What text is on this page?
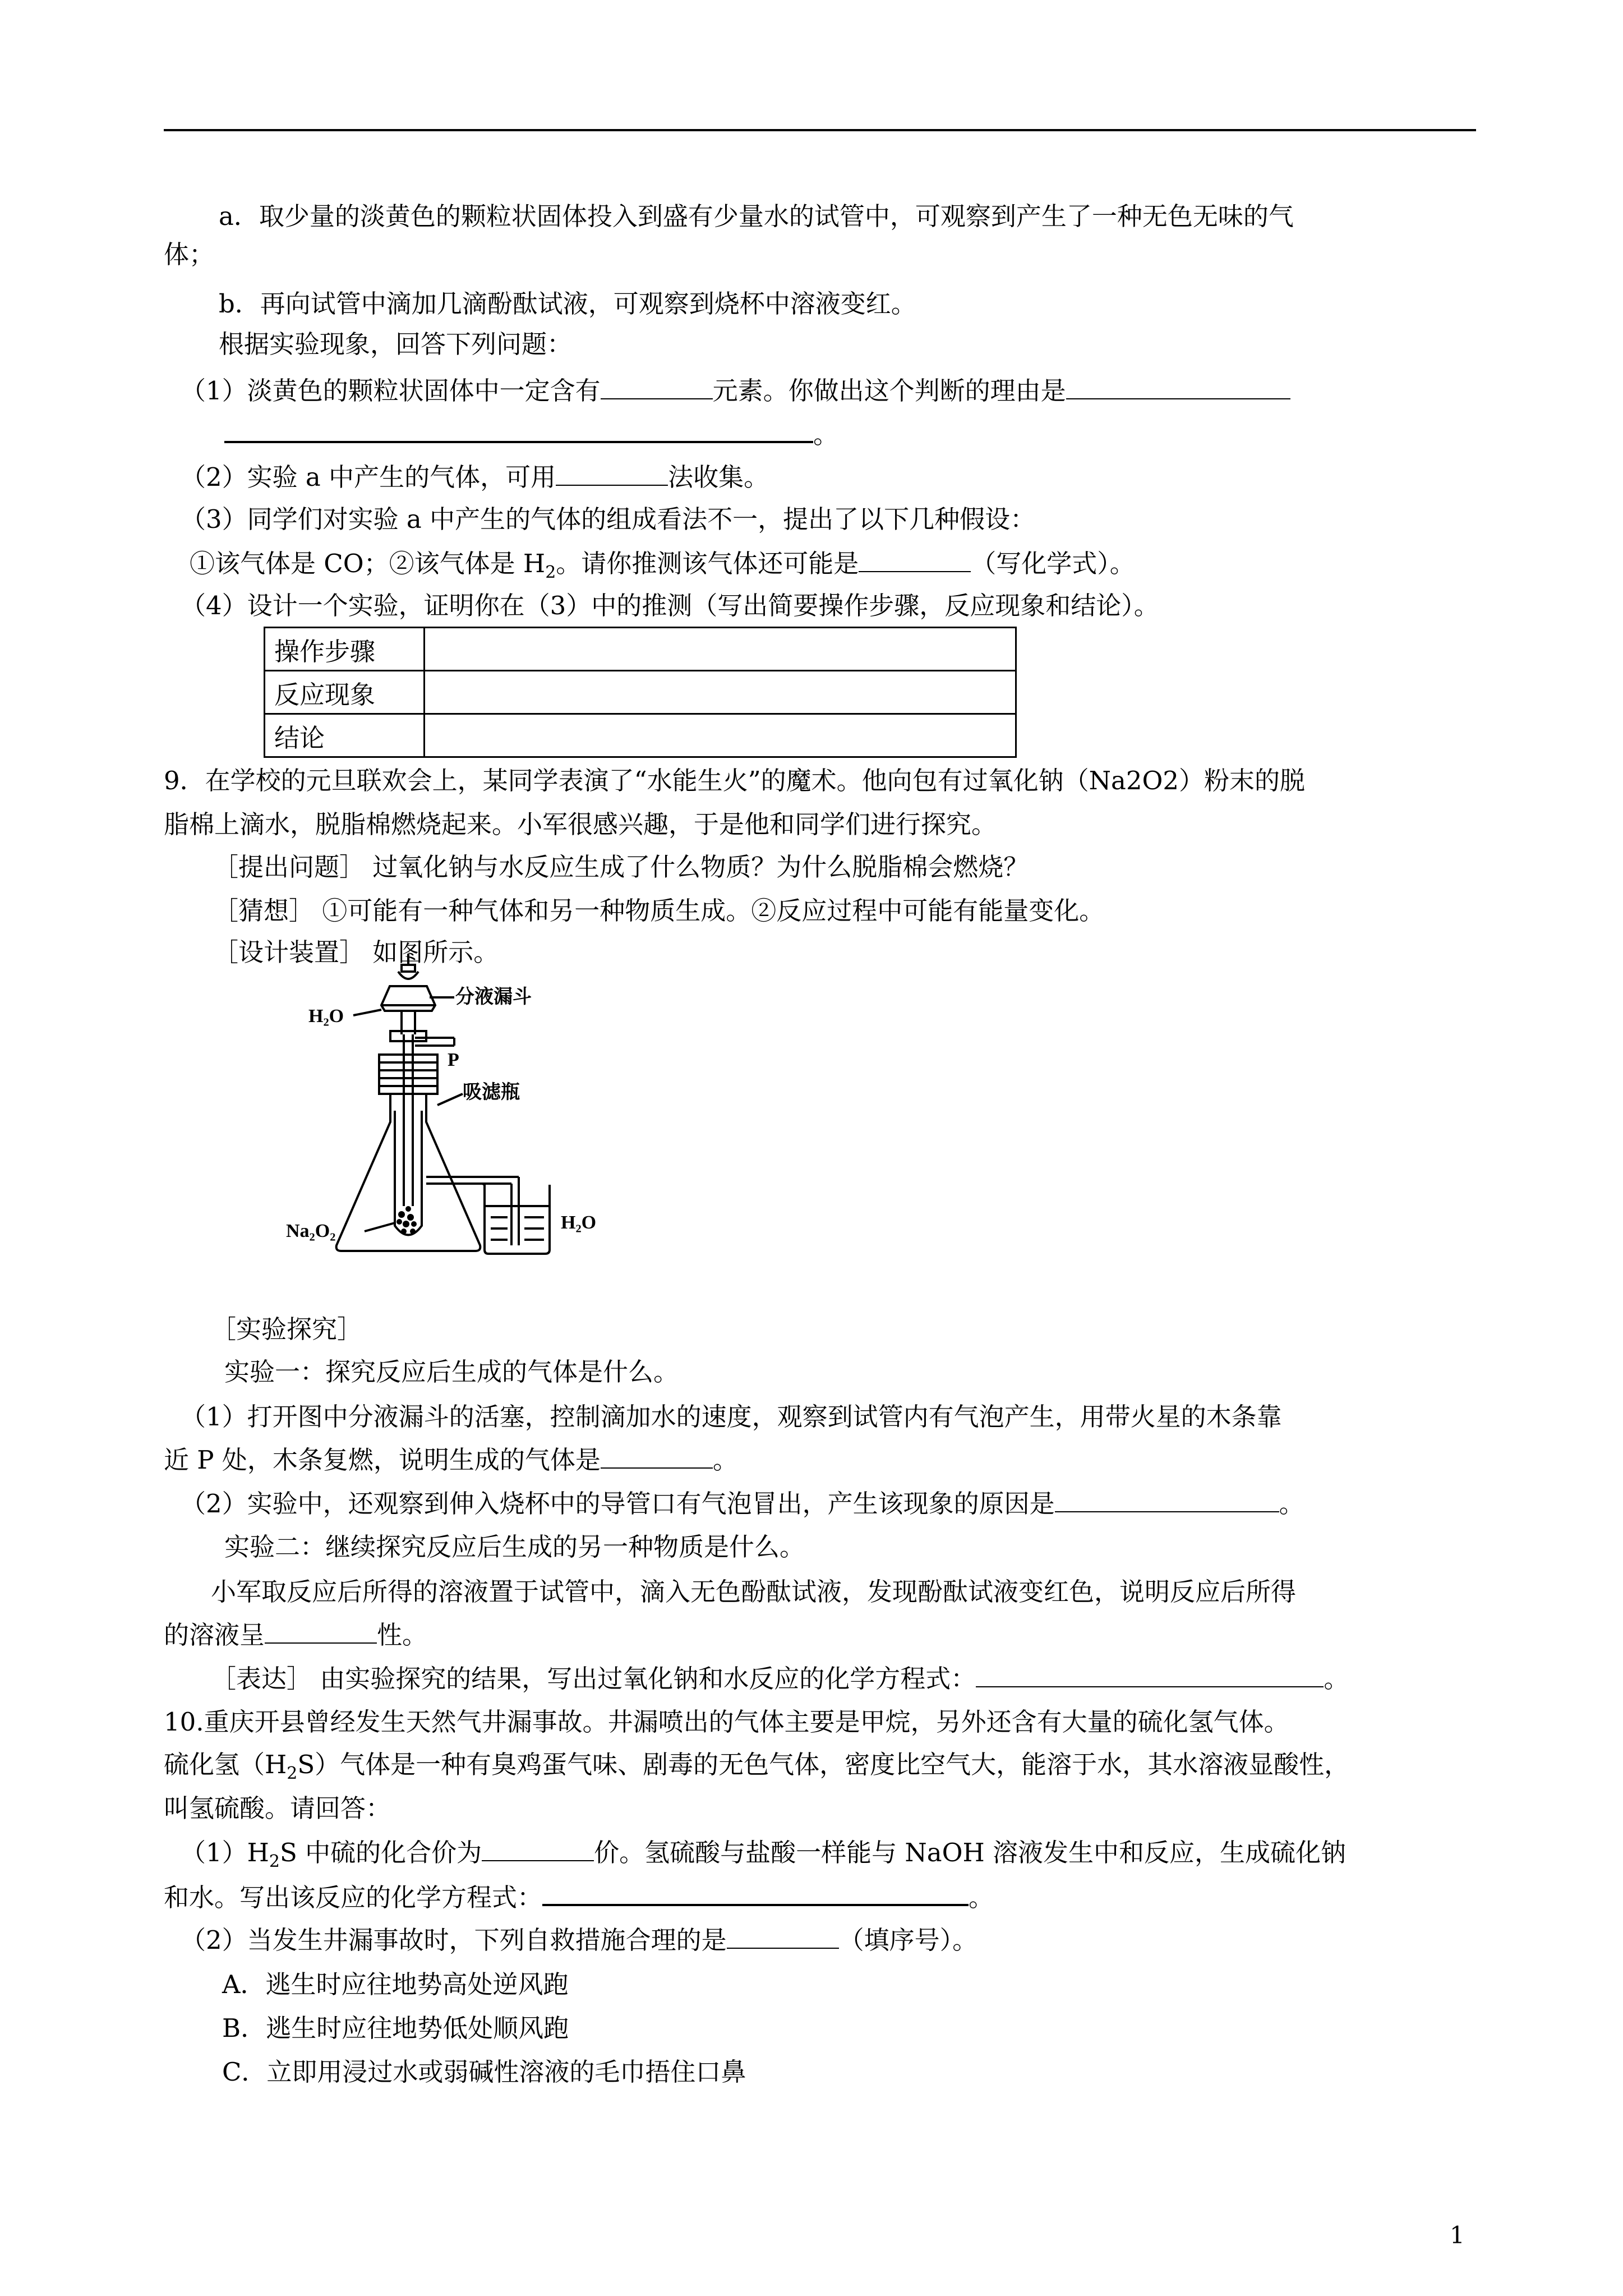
a．取少量的淡黄色的颗粒状固体投入到盛有少量水的试管中，可观察到产生了一种无色无味的气
体；
b．再向试管中滴加几滴酚酞试液，可观察到烧杯中溶液变红。
根据实验现象，回答下列问题：
（1）淡黄色的颗粒状固体中一定含有	元素。你做出这个判断的理由是
。
（2）实验 a 中产生的气体，可用	法收集。
（3）同学们对实验 a 中产生的气体的组成看法不一，提出了以下几种假设：
①该气体是 CO；②该气体是 $H_2$。请你推测该气体还可能是	（写化学式）。
（4）设计一个实验，证明你在（3）中的推测（写出简要操作步骤，反应现象和结论）。
操作步骤	
反应现象	
结论	
9．在学校的元旦联欢会上，某同学表演了“水能生火”的魔术。他向包有过氧化钠（Na2O2）粉末的脱
脂棉上滴水，脱脂棉燃烧起来。小军很感兴趣，于是他和同学们进行探究。
［提出问题］ 过氧化钠与水反应生成了什么物质？为什么脱脂棉会燃烧？
［猜想］ ①可能有一种气体和另一种物质生成。②反应过程中可能有能量变化。
［设计装置］ 如图所示。
H₂O
分液漏斗
P
吸滤瓶
Na₂O₂	H₂O
［实验探究］
实验一：探究反应后生成的气体是什么。
（1）打开图中分液漏斗的活塞，控制滴加水的速度，观察到试管内有气泡产生，用带火星的木条靠
近 P 处，木条复燃，说明生成的气体是	。
（2）实验中，还观察到伸入烧杯中的导管口有气泡冒出，产生该现象的原因是	。
实验二：继续探究反应后生成的另一种物质是什么。
小军取反应后所得的溶液置于试管中，滴入无色酚酞试液，发现酚酞试液变红色，说明反应后所得
的溶液呈	性。
［表达］ 由实验探究的结果，写出过氧化钠和水反应的化学方程式：	。
10.重庆开县曾经发生天然气井漏事故。井漏喷出的气体主要是甲烷，另外还含有大量的硫化氢气体。
硫化氢$(H_2S)$气体是一种有臭鸡蛋气味、剧毒的无色气体，密度比空气大，能溶于水，其水溶液显酸性，
叫氢硫酸。请回答：
$(1)H_2S$ 中硫的化合价为	价。氢硫酸与盐酸一样能与 NaOH 溶液发生中和反应，生成硫化钠
和水。写出该反应的化学方程式：	。
（2）当发生井漏事故时，下列自救措施合理的是	（填序号）。
A．逃生时应往地势高处逆风跑
B．逃生时应往地势低处顺风跑
C．立即用浸过水或弱碱性溶液的毛巾捂住口鼻
1
